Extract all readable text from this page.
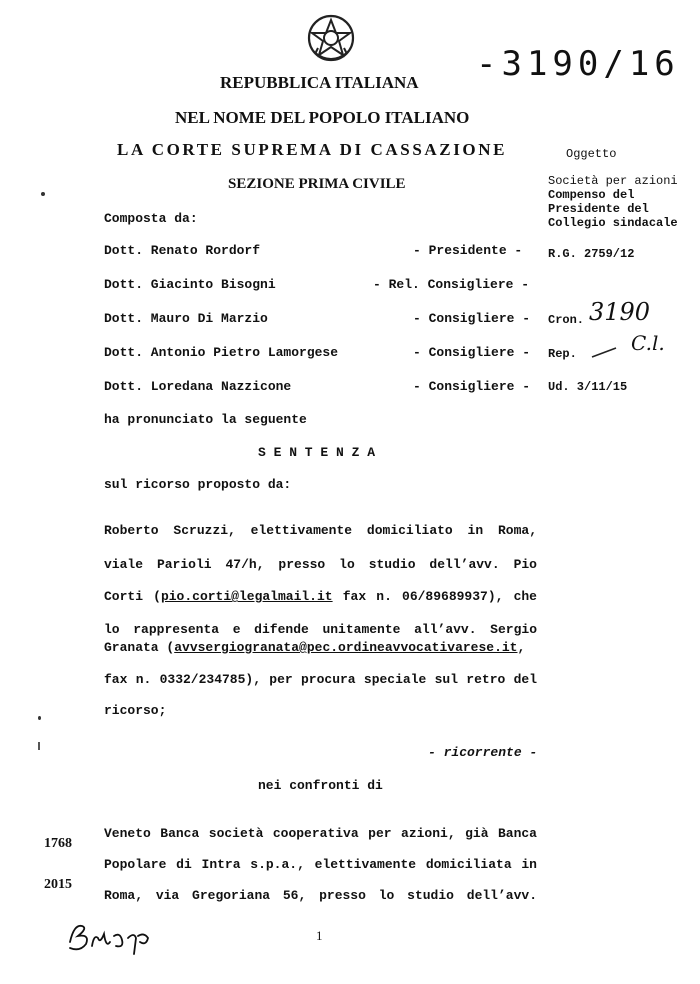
-3190/16
REPUBBLICA ITALIANA
NEL NOME DEL POPOLO ITALIANO
LA CORTE SUPREMA DI CASSAZIONE
SEZIONE PRIMA CIVILE
Oggetto
Società per azioni
Compenso del
Presidente del
Collegio sindacale
R.G. 2759/12
Cron. 3190
Rep.	C.l.
Ud. 3/11/15
Composta da:
Dott. Renato Rordorf	- Presidente -
Dott. Giacinto Bisogni	- Rel. Consigliere -
Dott. Mauro Di Marzio	- Consigliere -
Dott. Antonio Pietro Lamorgese	- Consigliere -
Dott. Loredana Nazzicone	- Consigliere -
ha pronunciato la seguente
S E N T E N Z A
sul ricorso proposto da:
Roberto Scruzzi, elettivamente domiciliato in Roma,
viale Parioli 47/h, presso lo studio dell’avv. Pio
Corti (pio.corti@legalmail.it fax n. 06/89689937), che
lo rappresenta e difende unitamente all’avv. Sergio
Granata (avvsergiogranata@pec.ordineavvocativarese.it,
fax n. 0332/234785), per procura speciale sul retro del
ricorso;
- ricorrente -
nei confronti di
Veneto Banca società cooperativa per azioni, già Banca
Popolare di Intra s.p.a., elettivamente domiciliata in
Roma, via Gregoriana 56, presso lo studio dell’avv.
1768
2015
1
